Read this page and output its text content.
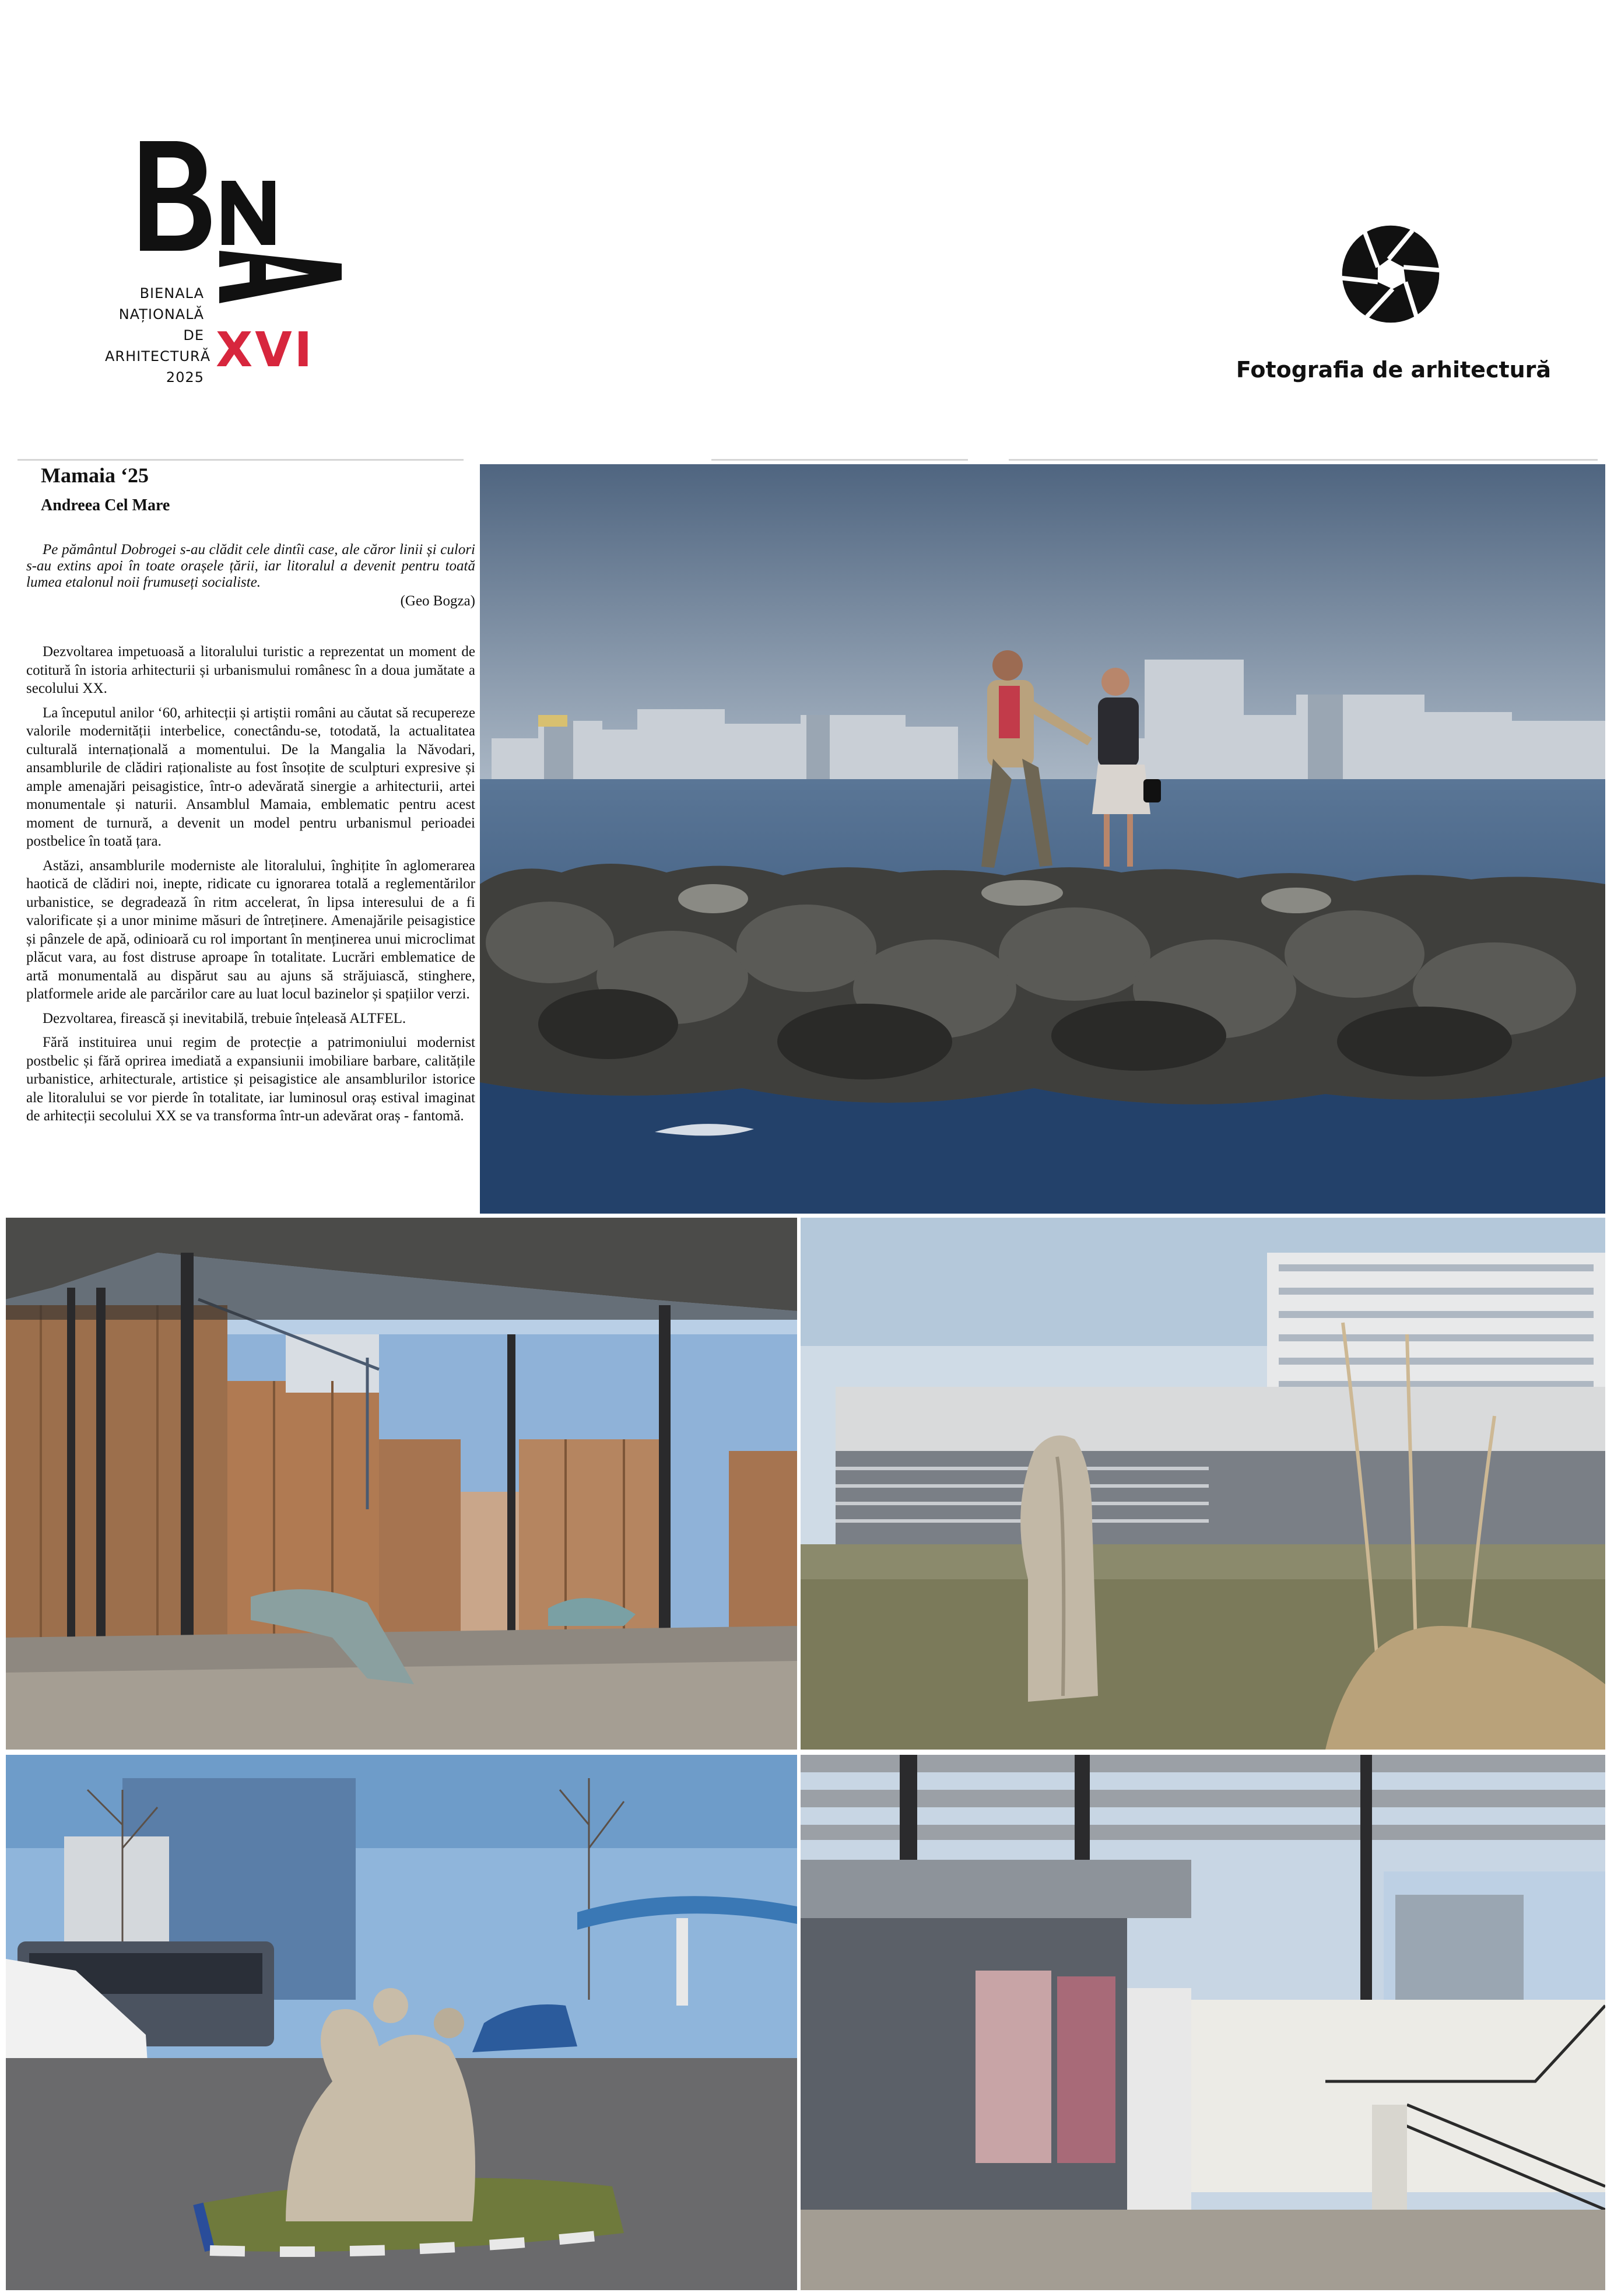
BIENALA
NAȚIONALĂ
DE
ARHITECTURĂ
2025 XVI	Fotografia de arhitectură
Mamaia ‘25
Andreea Cel Mare
Pe pământul Dobrogei s-au clădit cele dintîi case, ale căror linii și culori s-au extins apoi în toate orașele țării, iar litoralul a devenit pentru toată lumea etalonul noii frumuseți socialiste.
(Geo Bogza)

Dezvoltarea impetuoasă a litoralului turistic a reprezentat un moment de cotitură în istoria arhitecturii și urbanismului românesc în a doua jumătate a secolului XX.

La începutul anilor ‘60, arhitecții și artiștii români au căutat să recupereze valorile modernității interbelice, conectându-se, totodată, la actualitatea culturală internațională a momentului. De la Mangalia la Năvodari, ansamblurile de clădiri raționaliste au fost însoțite de sculpturi expresive și ample amenajări peisagistice, într-o adevărată sinergie a arhitecturii, artei monumentale și naturii. Ansamblul Mamaia, emblematic pentru acest moment de turnură, a devenit un model pentru urbanismul perioadei postbelice în toată țara.

Astăzi, ansamblurile moderniste ale litoralului, înghițite în aglomerarea haotică de clădiri noi, inepte, ridicate cu ignorarea totală a reglementărilor urbanistice, se degradează în ritm accelerat, în lipsa interesului de a fi valorificate și a unor minime măsuri de întreținere. Amenajările peisagistice și pânzele de apă, odinioară cu rol important în menținerea unui microclimat plăcut vara, au fost distruse aproape în totalitate. Lucrări emblematice de artă monumentală au dispărut sau au ajuns să străjuiască, stinghere, platformele aride ale parcărilor care au luat locul bazinelor și spațiilor verzi.

Dezvoltarea, firească și inevitabilă, trebuie înțeleasă ALTFEL.

Fără instituirea unui regim de protecție a patrimoniului modernist postbelic și fără oprirea imediată a expansiunii imobiliare barbare, calitățile urbanistice, arhitecturale, artistice și peisagistice ale ansamblurilor istorice ale litoralului se vor pierde în totalitate, iar luminosul oraș estival imaginat de arhitecții secolului XX se va transforma într-un adevărat oraș - fantomă.
